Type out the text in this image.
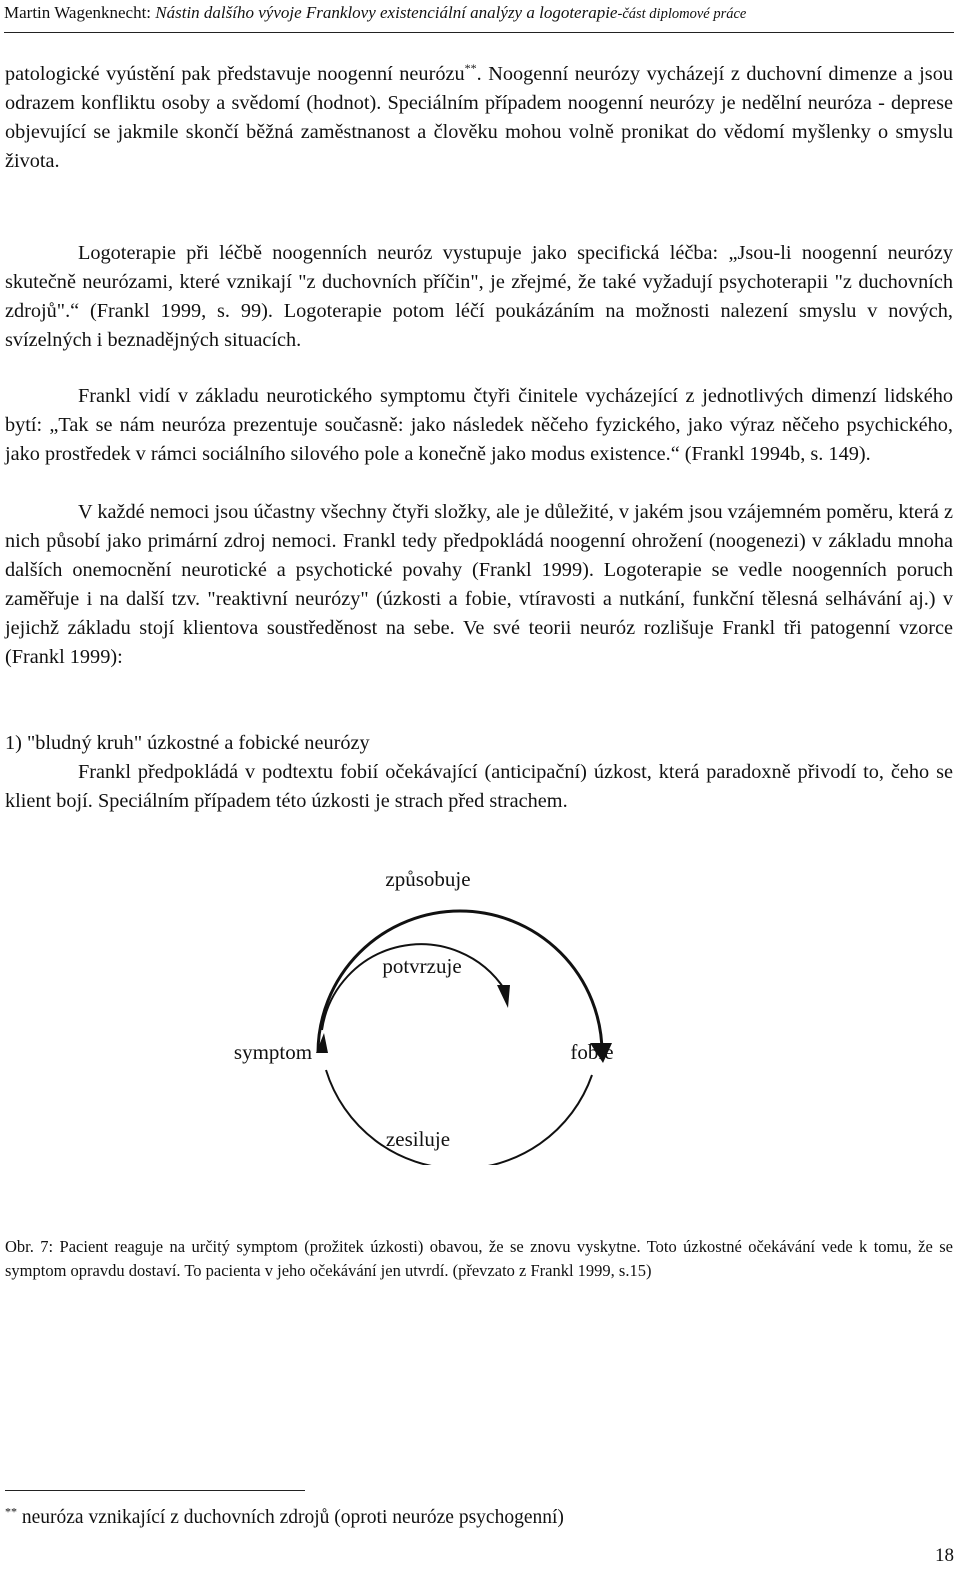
Martin Wagenknecht: Nástin dalšího vývoje Franklovy existenciální analýzy a logoterapie-část diplomové práce

patologické vyústění pak představuje noogenní neurózu**. Noogenní neurózy vycházejí z duchovní dimenze a jsou odrazem konfliktu osoby a svědomí (hodnot). Speciálním případem noogenní neurózy je nedělní neuróza - deprese objevující se jakmile skončí běžná zaměstnanost a člověku mohou volně pronikat do vědomí myšlenky o smyslu života.

Logoterapie při léčbě noogenních neuróz vystupuje jako specifická léčba: „Jsou-li noogenní neurózy skutečně neurózami, které vznikají "z duchovních příčin", je zřejmé, že také vyžadují psychoterapii "z duchovních zdrojů".“ (Frankl 1999, s. 99). Logoterapie potom léčí poukázáním na možnosti nalezení smyslu v nových, svízelných i beznadějných situacích.

Frankl vidí v základu neurotického symptomu čtyři činitele vycházející z jednotlivých dimenzí lidského bytí: „Tak se nám neuróza prezentuje současně: jako následek něčeho fyzického, jako výraz něčeho psychického, jako prostředek v rámci sociálního silového pole a konečně jako modus existence.“ (Frankl 1994b, s. 149).

V každé nemoci jsou účastny všechny čtyři složky, ale je důležité, v jakém jsou vzájemném poměru, která z nich působí jako primární zdroj nemoci. Frankl tedy předpokládá noogenní ohrožení (noogenezi) v základu mnoha dalších onemocnění neurotické a psychotické povahy (Frankl 1999). Logoterapie se vedle noogenních poruch zaměřuje i na další tzv. "reaktivní neurózy" (úzkosti a fobie, vtíravosti a nutkání, funkční tělesná selhávání aj.) v jejichž základu stojí klientova soustředěnost na sebe. Ve své teorii neuróz rozlišuje Frankl tři patogenní vzorce (Frankl 1999):

1) "bludný kruh" úzkostné a fobické neurózy

Frankl předpokládá v podtextu fobií očekávající (anticipační) úzkost, která paradoxně přivodí to, čeho se klient bojí. Speciálním případem této úzkosti je strach před strachem.

způsobuje
potvrzuje
symptom	fobie
zesiluje

Obr. 7: Pacient reaguje na určitý symptom (prožitek úzkosti) obavou, že se znovu vyskytne. Toto úzkostné očekávání vede k tomu, že se symptom opravdu dostaví. To pacienta v jeho očekávání jen utvrdí. (převzato z Frankl 1999, s.15)

** neuróza vznikající z duchovních zdrojů (oproti neuróze psychogenní)

18
